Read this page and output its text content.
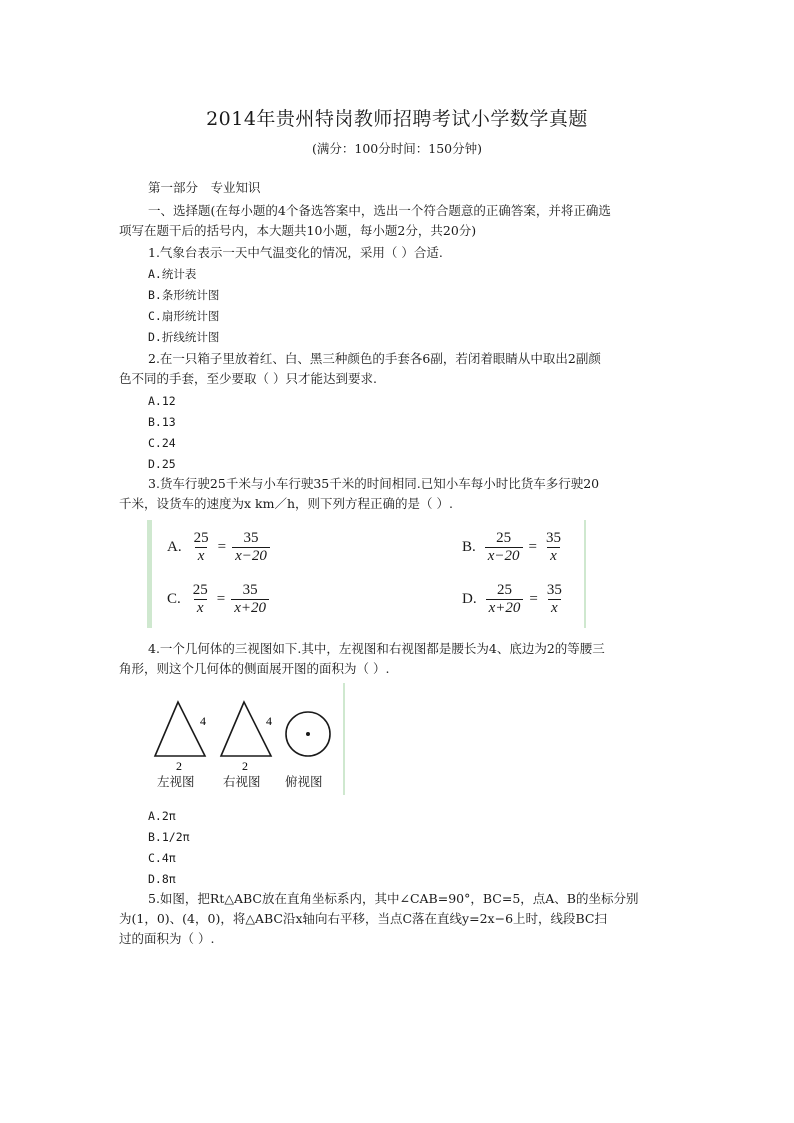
2014年贵州特岗教师招聘考试小学数学真题
(满分：100分时间：150分钟)
第一部分　专业知识
一、选择题(在每小题的4个备选答案中，选出一个符合题意的正确答案，并将正确选
项写在题干后的括号内，本大题共10小题，每小题2分，共20分)
1.气象台表示一天中气温变化的情况，采用（ ）合适.
A.统计表
B.条形统计图
C.扇形统计图
D.折线统计图
2.在一只箱子里放着红、白、黑三种颜色的手套各6副，若闭着眼睛从中取出2副颜
色不同的手套，至少要取（ ）只才能达到要求.
A.12
B.13
C.24
D.25
3.货车行驶25千米与小车行驶35千米的时间相同.已知小车每小时比货车多行驶20
千米，设货车的速度为x km／h，则下列方程正确的是（ ）.
A. $\frac{25}{x} = \frac{35}{x-20}$	B. $\frac{25}{x-20} = \frac{35}{x}$
C. $\frac{25}{x} = \frac{35}{x+20}$	D. $\frac{25}{x+20} = \frac{35}{x}$
4.一个几何体的三视图如下.其中，左视图和右视图都是腰长为4、底边为2的等腰三
角形，则这个几何体的侧面展开图的面积为（ ）.
4	4
2	2
左视图 右视图 俯视图
A.2π
B.1/2π
C.4π
D.8π
5.如图，把Rt△ABC放在直角坐标系内，其中∠CAB=90°，BC=5，点A、B的坐标分别
为(1，0)、(4，0)，将△ABC沿x轴向右平移，当点C落在直线y=2x−6上时，线段BC扫
过的面积为（ ）.
